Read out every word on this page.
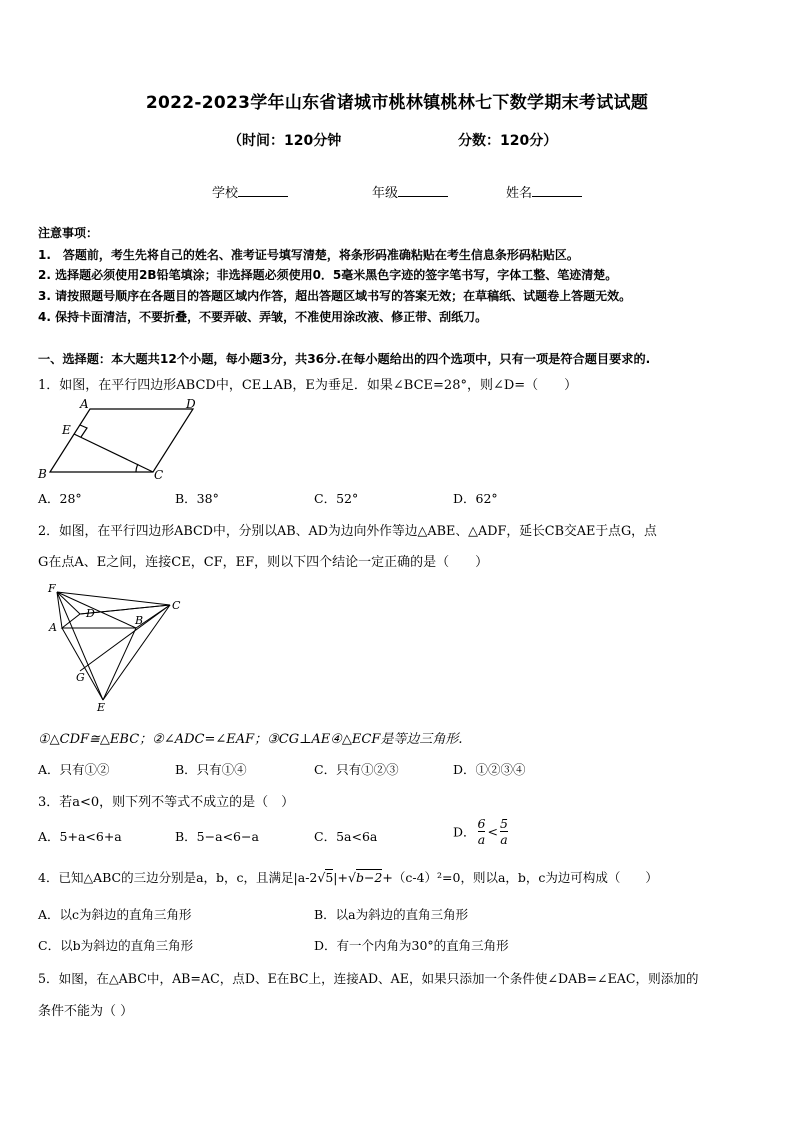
2022-2023学年山东省诸城市桃林镇桃林七下数学期末考试试题
（时间：120分钟	分数：120分）
学校	年级	姓名
注意事项：
1.　答题前，考生先将自己的姓名、准考证号填写清楚，将条形码准确粘贴在考生信息条形码粘贴区。
2. 选择题必须使用2B铅笔填涂；非选择题必须使用0．5毫米黑色字迹的签字笔书写，字体工整、笔迹清楚。
3. 请按照题号顺序在各题目的答题区域内作答，超出答题区域书写的答案无效；在草稿纸、试题卷上答题无效。
4. 保持卡面清洁，不要折叠，不要弄破、弄皱，不准使用涂改液、修正带、刮纸刀。
一、选择题：本大题共12个小题，每小题3分，共36分.在每小题给出的四个选项中，只有一项是符合题目要求的.
1．如图，在平行四边形ABCD中，CE⊥AB，E为垂足．如果∠BCE=28°，则∠D=（　　）
A	D
E
B	C
A．28°	B．38°	C．52°	D．62°
2．如图，在平行四边形ABCD中，分别以AB、AD为边向外作等边△ABE、△ADF，延长CB交AE于点G，点
G在点A、E之间，连接CE，CF，EF，则以下四个结论一定正确的是（　　）
F
D
C
A
B
G
E
①△CDF≅△EBC；②∠ADC=∠EAF；③CG⊥AE④△ECF是等边三角形.
A．只有①②	B．只有①④	C．只有①②③	D．①②③④
3．若a<0，则下列不等式不成立的是（　）
A．5+a<6+a	B．5−a<6−a	C．5a<6a	D． $\frac{6}{a} < \frac{5}{a}$
4．已知△ABC的三边分别是a，b，c，且满足|a-2√5|+√b−2+（c-4）²=0，则以a，b，c为边可构成（　　）
A．以c为斜边的直角三角形	B．以a为斜边的直角三角形
C．以b为斜边的直角三角形	D．有一个内角为30°的直角三角形
5．如图，在△ABC中，AB=AC，点D、E在BC上，连接AD、AE，如果只添加一个条件使∠DAB=∠EAC，则添加的
条件不能为（ ）
